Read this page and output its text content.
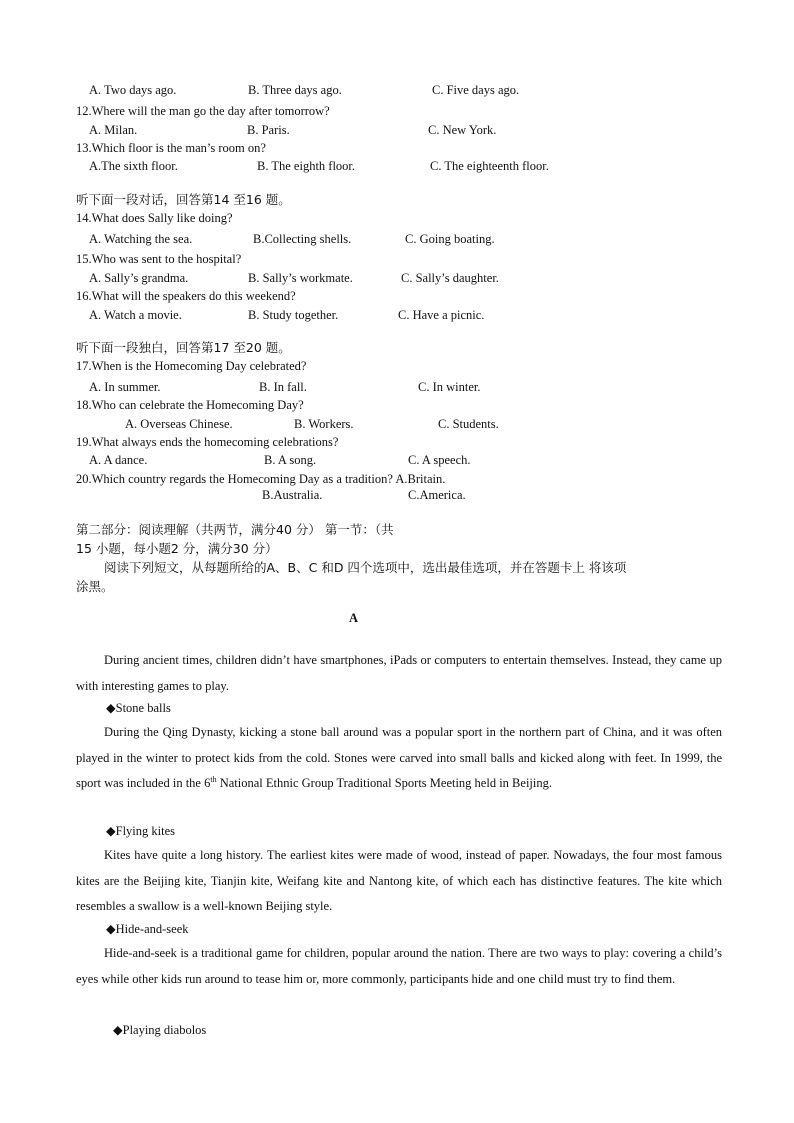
A. Two days ago.	B. Three days ago.	C. Five days ago.
12.Where will the man go the day after tomorrow?
A. Milan.	B. Paris.	C. New York.
13.Which floor is the man’s room on?
A.The sixth floor.	B. The eighth floor.	C. The eighteenth floor.
听下面一段对话，回答第14 至16 题。
14.What does Sally like doing?
A. Watching the sea.	B.Collecting shells.	C. Going boating.
15.Who was sent to the hospital?
A. Sally’s grandma.	B. Sally’s workmate.	C. Sally’s daughter.
16.What will the speakers do this weekend?
A. Watch a movie.	B. Study together.	C. Have a picnic.
听下面一段独白，回答第17 至20 题。
17.When is the Homecoming Day celebrated?
A. In summer.	B. In fall.	C. In winter.
18.Who can celebrate the Homecoming Day?
A. Overseas Chinese.	B. Workers.	C. Students.
19.What always ends the homecoming celebrations?
A. A dance.	B. A song.	C. A speech.
20.Which country regards the Homecoming Day as a tradition? A.Britain.
B.Australia.	C.America.
第二部分：阅读理解（共两节，满分40 分） 第一节：（共
15 小题，每小题2 分，满分30 分）
阅读下列短文，从每题所给的A、B、C 和D 四个选项中，选出最佳选项，并在答题卡上 将该项
涂黑。
A
During ancient times, children didn’t have smartphones, iPads or computers to entertain themselves. Instead, they came up with interesting games to play.
◆Stone balls
During the Qing Dynasty, kicking a stone ball around was a popular sport in the northern part of China, and it was often played in the winter to protect kids from the cold. Stones were carved into small balls and kicked along with feet. In 1999, the sport was included in the 6th National Ethnic Group Traditional Sports Meeting held in Beijing.
◆Flying kites
Kites have quite a long history. The earliest kites were made of wood, instead of paper. Nowadays, the four most famous kites are the Beijing kite, Tianjin kite, Weifang kite and Nantong kite, of which each has distinctive features. The kite which resembles a swallow is a well-known Beijing style.
◆Hide-and-seek
Hide-and-seek is a traditional game for children, popular around the nation. There are two ways to play: covering a child’s eyes while other kids run around to tease him or, more commonly, participants hide and one child must try to find them.
◆Playing diabolos
